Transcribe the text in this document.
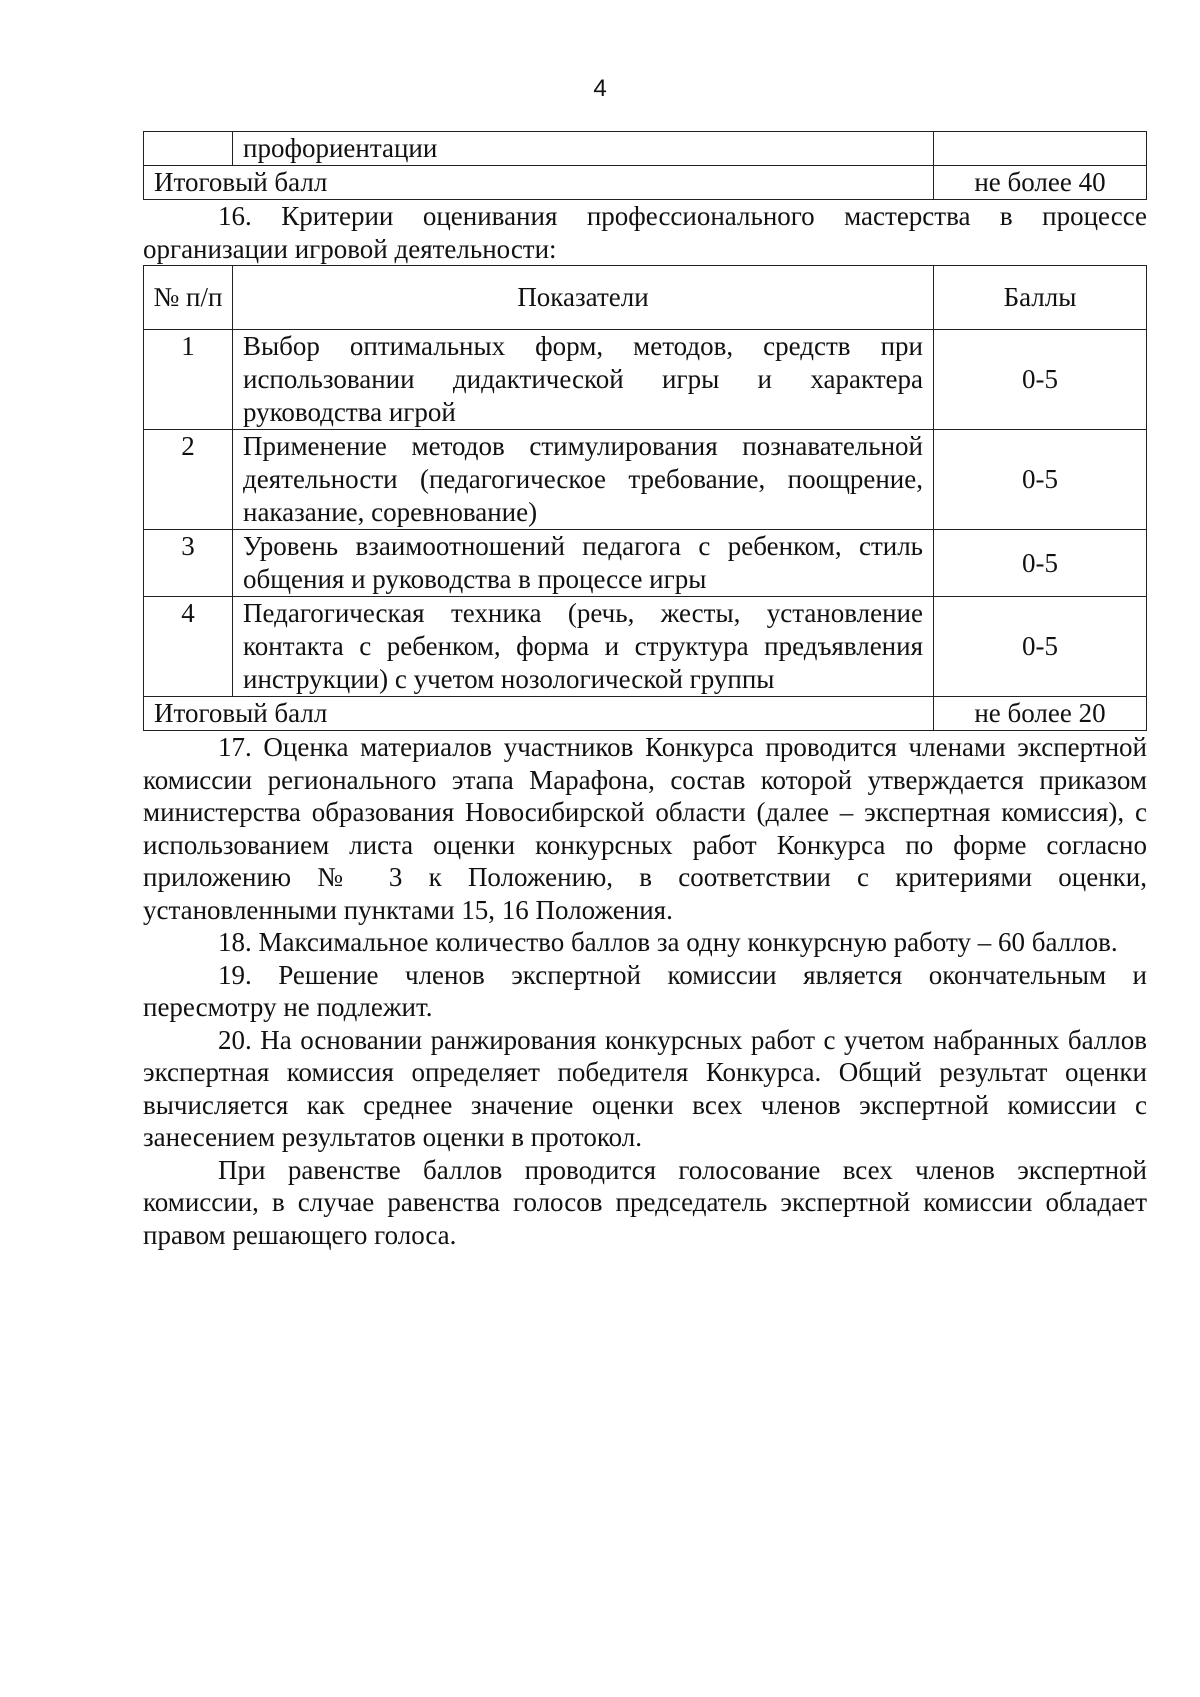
4
	профориентации	
Итоговый балл		не более 40

16. Критерии оценивания профессионального мастерства в процессе организации игровой деятельности:

№ п/п	Показатели	Баллы
1	Выбор оптимальных форм, методов, средств при использовании дидактической игры и характера руководства игрой	0-5
2	Применение методов стимулирования познавательной деятельности (педагогическое требование, поощрение, наказание, соревнование)	0-5
3	Уровень взаимоотношений педагога с ребенком, стиль общения и руководства в процессе игры	0-5
4	Педагогическая техника (речь, жесты, установление контакта с ребенком, форма и структура предъявления инструкции) с учетом нозологической группы	0-5
Итоговый балл		не более 20

17. Оценка материалов участников Конкурса проводится членами экспертной комиссии регионального этапа Марафона, состав которой утверждается приказом министерства образования Новосибирской области (далее – экспертная комиссия), с использованием листа оценки конкурсных работ Конкурса по форме согласно приложению № 3 к Положению, в соответствии с критериями оценки, установленными пунктами 15, 16 Положения.

18. Максимальное количество баллов за одну конкурсную работу – 60 баллов.

19. Решение членов экспертной комиссии является окончательным и пересмотру не подлежит.

20. На основании ранжирования конкурсных работ с учетом набранных баллов экспертная комиссия определяет победителя Конкурса. Общий результат оценки вычисляется как среднее значение оценки всех членов экспертной комиссии с занесением результатов оценки в протокол.

При равенстве баллов проводится голосование всех членов экспертной комиссии, в случае равенства голосов председатель экспертной комиссии обладает правом решающего голоса.
